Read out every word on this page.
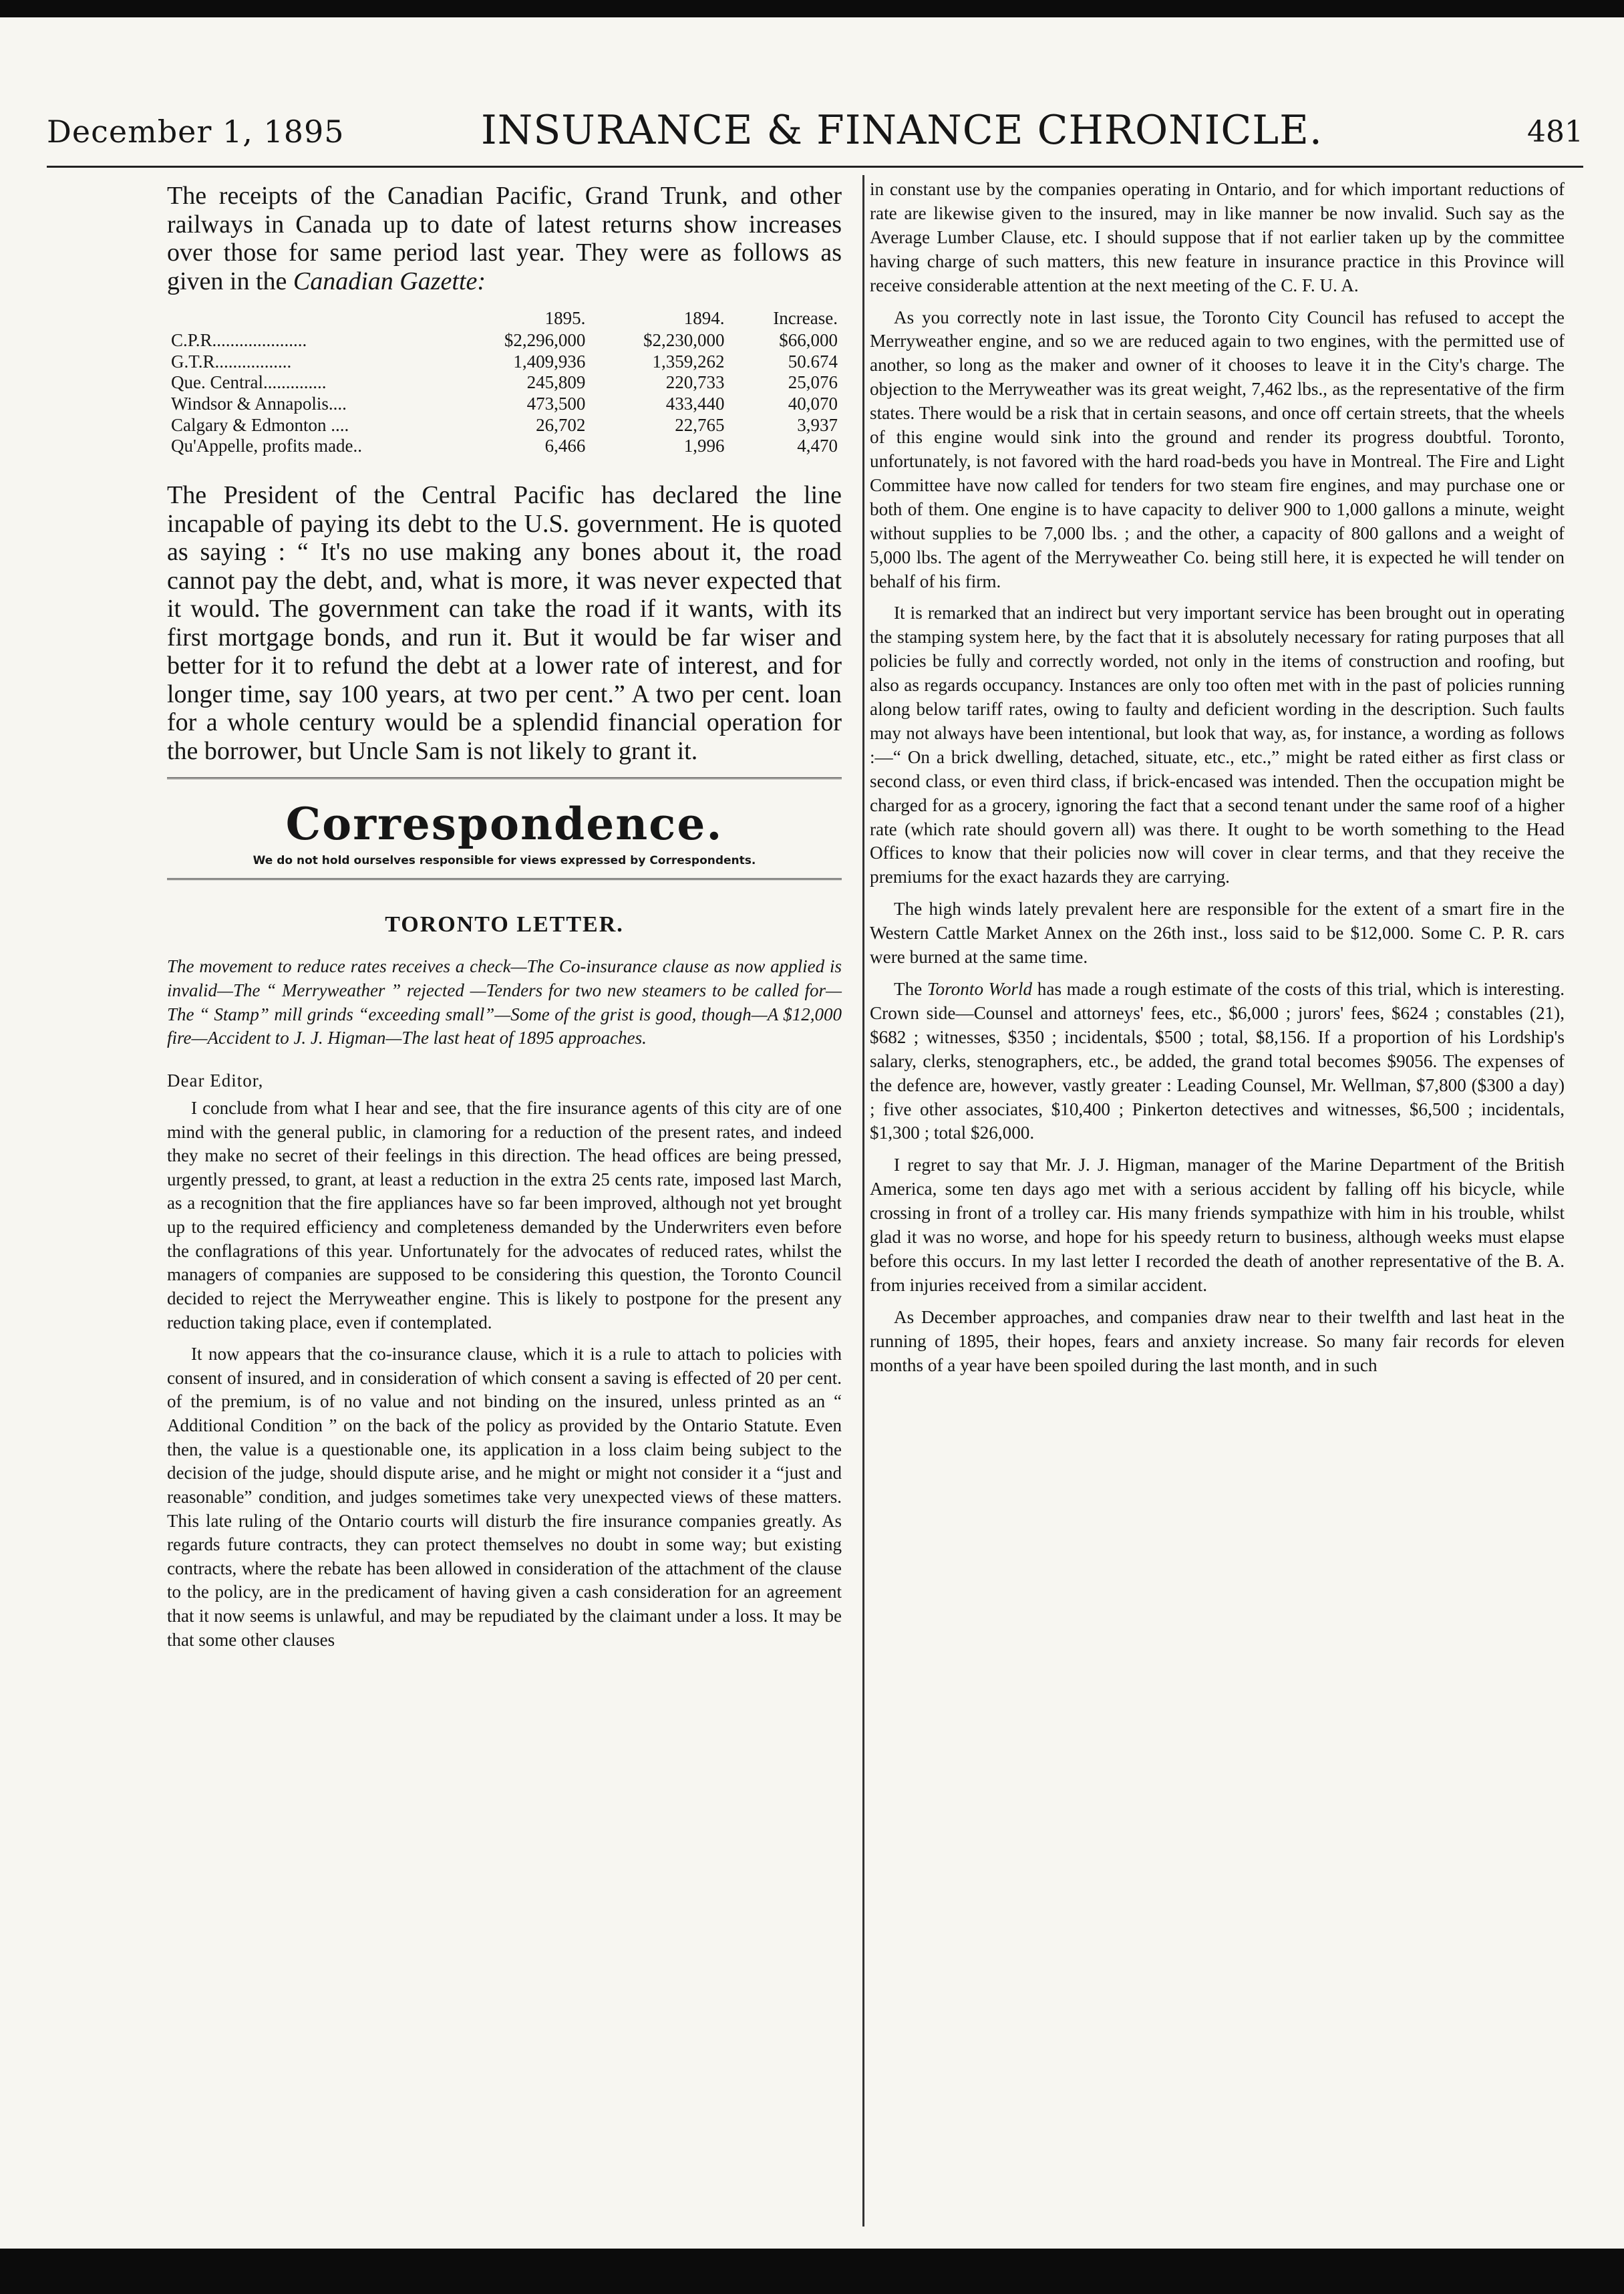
December 1, 1895	INSURANCE & FINANCE CHRONICLE.	481

The receipts of the Canadian Pacific, Grand Trunk, and other railways in Canada up to date of latest returns show increases over those for same period last year. They were as follows as given in the Canadian Gazette:

	1895.	1894.	Increase.
C.P.R.....................	$2,296,000	$2,230,000	$66,000
G.T.R.................	1,409,936	1,359,262	50.674
Que. Central..............	245,809	220,733	25,076
Windsor & Annapolis....	473,500	433,440	40,070
Calgary & Edmonton ....	26,702	22,765	3,937
Qu'Appelle, profits made..	6,466	1,996	4,470

The President of the Central Pacific has declared the line incapable of paying its debt to the U.S. government. He is quoted as saying : “ It's no use making any bones about it, the road cannot pay the debt, and, what is more, it was never expected that it would. The government can take the road if it wants, with its first mortgage bonds, and run it. But it would be far wiser and better for it to refund the debt at a lower rate of interest, and for longer time, say 100 years, at two per cent.” A two per cent. loan for a whole century would be a splendid financial operation for the borrower, but Uncle Sam is not likely to grant it.

Correspondence.
We do not hold ourselves responsible for views expressed by Correspondents.
TORONTO LETTER.

The movement to reduce rates receives a check—The Co-insurance clause as now applied is invalid—The “ Merryweather ” rejected —Tenders for two new steamers to be called for—The “ Stamp” mill grinds “exceeding small”—Some of the grist is good, though—A $12,000 fire—Accident to J. J. Higman—The last heat of 1895 approaches.

Dear Editor,

I conclude from what I hear and see, that the fire insurance agents of this city are of one mind with the general public, in clamoring for a reduction of the present rates, and indeed they make no secret of their feelings in this direction. The head offices are being pressed, urgently pressed, to grant, at least a reduction in the extra 25 cents rate, imposed last March, as a recognition that the fire appliances have so far been improved, although not yet brought up to the required efficiency and completeness demanded by the Underwriters even before the conflagrations of this year. Unfortunately for the advocates of reduced rates, whilst the managers of companies are supposed to be considering this question, the Toronto Council decided to reject the Merryweather engine. This is likely to postpone for the present any reduction taking place, even if contemplated.

It now appears that the co-insurance clause, which it is a rule to attach to policies with consent of insured, and in consideration of which consent a saving is effected of 20 per cent. of the premium, is of no value and not binding on the insured, unless printed as an “ Additional Condition ” on the back of the policy as provided by the Ontario Statute. Even then, the value is a questionable one, its application in a loss claim being subject to the decision of the judge, should dispute arise, and he might or might not consider it a “just and reasonable” condition, and judges sometimes take very unexpected views of these matters. This late ruling of the Ontario courts will disturb the fire insurance companies greatly. As regards future contracts, they can protect themselves no doubt in some way; but existing contracts, where the rebate has been allowed in consideration of the attachment of the clause to the policy, are in the predicament of having given a cash consideration for an agreement that it now seems is unlawful, and may be repudiated by the claimant under a loss. It may be that some other clauses

in constant use by the companies operating in Ontario, and for which important reductions of rate are likewise given to the insured, may in like manner be now invalid. Such say as the Average Lumber Clause, etc. I should suppose that if not earlier taken up by the committee having charge of such matters, this new feature in insurance practice in this Province will receive considerable attention at the next meeting of the C. F. U. A.

As you correctly note in last issue, the Toronto City Council has refused to accept the Merryweather engine, and so we are reduced again to two engines, with the permitted use of another, so long as the maker and owner of it chooses to leave it in the City's charge. The objection to the Merryweather was its great weight, 7,462 lbs., as the representative of the firm states. There would be a risk that in certain seasons, and once off certain streets, that the wheels of this engine would sink into the ground and render its progress doubtful. Toronto, unfortunately, is not favored with the hard road-beds you have in Montreal. The Fire and Light Committee have now called for tenders for two steam fire engines, and may purchase one or both of them. One engine is to have capacity to deliver 900 to 1,000 gallons a minute, weight without supplies to be 7,000 lbs. ; and the other, a capacity of 800 gallons and a weight of 5,000 lbs. The agent of the Merryweather Co. being still here, it is expected he will tender on behalf of his firm.

It is remarked that an indirect but very important service has been brought out in operating the stamping system here, by the fact that it is absolutely necessary for rating purposes that all policies be fully and correctly worded, not only in the items of construction and roofing, but also as regards occupancy. Instances are only too often met with in the past of policies running along below tariff rates, owing to faulty and deficient wording in the description. Such faults may not always have been intentional, but look that way, as, for instance, a wording as follows :—“ On a brick dwelling, detached, situate, etc., etc.,” might be rated either as first class or second class, or even third class, if brick-encased was intended. Then the occupation might be charged for as a grocery, ignoring the fact that a second tenant under the same roof of a higher rate (which rate should govern all) was there. It ought to be worth something to the Head Offices to know that their policies now will cover in clear terms, and that they receive the premiums for the exact hazards they are carrying.

The high winds lately prevalent here are responsible for the extent of a smart fire in the Western Cattle Market Annex on the 26th inst., loss said to be $12,000. Some C. P. R. cars were burned at the same time.

The Toronto World has made a rough estimate of the costs of this trial, which is interesting. Crown side—Counsel and attorneys' fees, etc., $6,000 ; jurors' fees, $624 ; constables (21), $682 ; witnesses, $350 ; incidentals, $500 ; total, $8,156. If a proportion of his Lordship's salary, clerks, stenographers, etc., be added, the grand total becomes $9056. The expenses of the defence are, however, vastly greater : Leading Counsel, Mr. Wellman, $7,800 ($300 a day) ; five other associates, $10,400 ; Pinkerton detectives and witnesses, $6,500 ; incidentals, $1,300 ; total $26,000.

I regret to say that Mr. J. J. Higman, manager of the Marine Department of the British America, some ten days ago met with a serious accident by falling off his bicycle, while crossing in front of a trolley car. His many friends sympathize with him in his trouble, whilst glad it was no worse, and hope for his speedy return to business, although weeks must elapse before this occurs. In my last letter I recorded the death of another representative of the B. A. from injuries received from a similar accident.

As December approaches, and companies draw near to their twelfth and last heat in the running of 1895, their hopes, fears and anxiety increase. So many fair records for eleven months of a year have been spoiled during the last month, and in such
